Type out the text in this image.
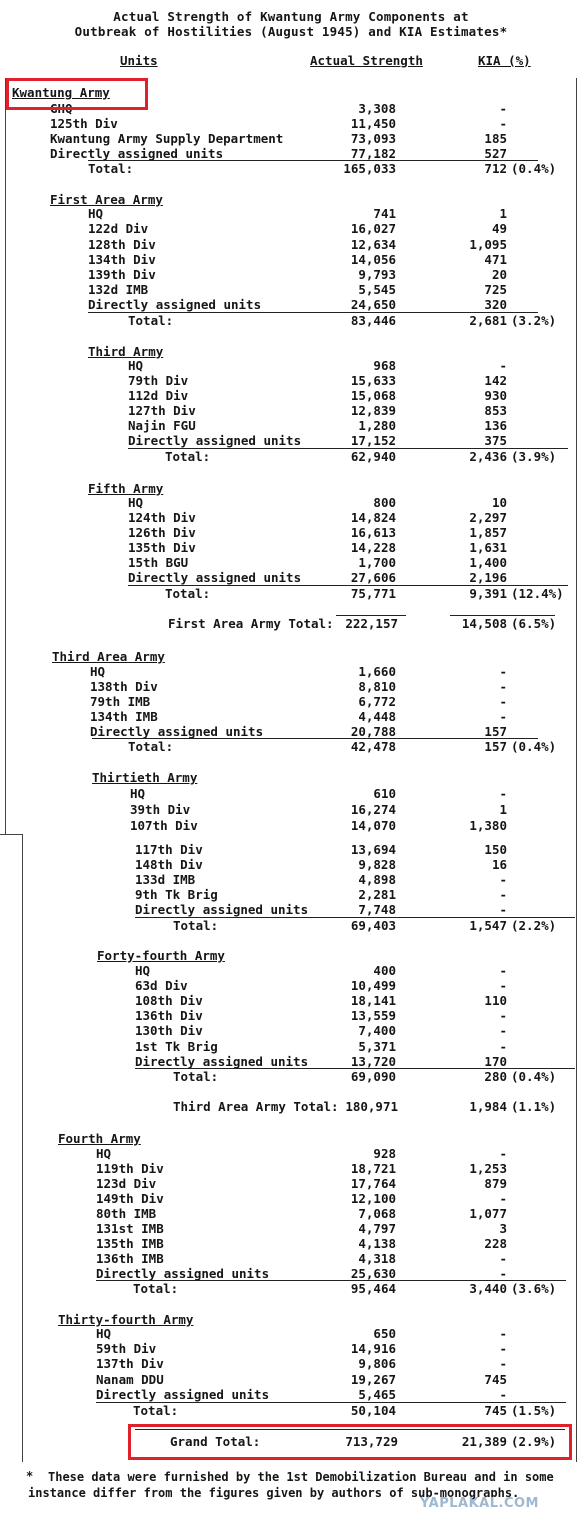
Actual Strength of Kwantung Army Components at
Outbreak of Hostilities (August 1945) and KIA Estimates*
Units	Actual Strength	KIA (%)
Kwantung Army
GHQ	3,308	-
125th Div	11,450	-
Kwantung Army Supply Department	73,093	185
Directly assigned units	77,182	527
Total:	165,033	712 (0.4%)
First Area Army
HQ	741	1
122d Div	16,027	49
128th Div	12,634	1,095
134th Div	14,056	471
139th Div	9,793	20
132d IMB	5,545	725
Directly assigned units	24,650	320
Total:	83,446	2,681 (3.2%)
Third Army
HQ	968	-
79th Div	15,633	142
112d Div	15,068	930
127th Div	12,839	853
Najin FGU	1,280	136
Directly assigned units	17,152	375
Total:	62,940	2,436 (3.9%)
Fifth Army
HQ	800	10
124th Div	14,824	2,297
126th Div	16,613	1,857
135th Div	14,228	1,631
15th BGU	1,700	1,400
Directly assigned units	27,606	2,196
Total:	75,771	9,391 (12.4%)
First Area Army Total: 222,157	14,508 (6.5%)
Third Area Army
HQ	1,660	-
138th Div	8,810	-
79th IMB	6,772	-
134th IMB	4,448	-
Directly assigned units	20,788	157
Total:	42,478	157 (0.4%)
Thirtieth Army
HQ	610	-
39th Div	16,274	1
107th Div	14,070	1,380
117th Div	13,694	150
148th Div	9,828	16
133d IMB	4,898	-
9th Tk Brig	2,281	-
Directly assigned units	7,748	-
Total:	69,403	1,547 (2.2%)
Forty-fourth Army
HQ	400	-
63d Div	10,499	-
108th Div	18,141	110
136th Div	13,559	-
130th Div	7,400	-
1st Tk Brig	5,371	-
Directly assigned units	13,720	170
Total:	69,090	280 (0.4%)
Third Area Army Total: 180,971	1,984 (1.1%)
Fourth Army
HQ	928	-
119th Div	18,721	1,253
123d Div	17,764	879
149th Div	12,100	-
80th IMB	7,068	1,077
131st IMB	4,797	3
135th IMB	4,138	228
136th IMB	4,318	-
Directly assigned units	25,630	-
Total:	95,464	3,440 (3.6%)
Thirty-fourth Army
HQ	650	-
59th Div	14,916	-
137th Div	9,806	-
Nanam DDU	19,267	745
Directly assigned units	5,465	-
Total:	50,104	745 (1.5%)
Grand Total:	713,729	21,389 (2.9%)
*	These data were furnished by the 1st Demobilization Bureau and in some instance differ from the figures given by authors of sub-monographs.
YAPLAKAL.COM
